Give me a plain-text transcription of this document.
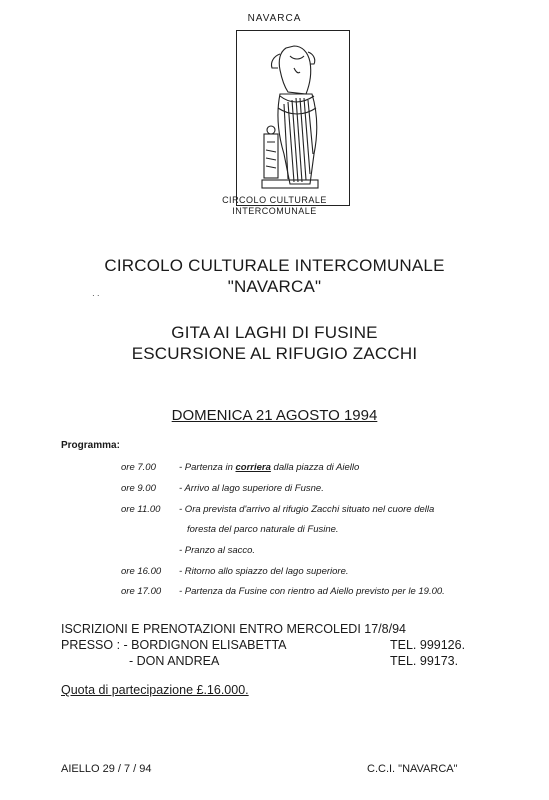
NAVARCA
CIRCOLO CULTURALE
INTERCOMUNALE
CIRCOLO CULTURALE INTERCOMUNALE
"NAVARCA"
· ·
GITA AI LAGHI DI FUSINE
ESCURSIONE AL RIFUGIO ZACCHI
DOMENICA 21 AGOSTO 1994
Programma:
ore 7.00 - Partenza in corriera dalla piazza di Aiello
ore 9.00 - Arrivo al lago superiore di Fusne.
ore 11.00 - Ora prevista d'arrivo al rifugio Zacchi situato nel cuore della
foresta del parco naturale di Fusine.
- Pranzo al sacco.
ore 16.00 - Ritorno allo spiazzo del lago superiore.
ore 17.00 - Partenza da Fusine con rientro ad Aiello previsto per le 19.00.
ISCRIZIONI E PRENOTAZIONI ENTRO MERCOLEDI 17/8/94
PRESSO : - BORDIGNON ELISABETTA	TEL. 999126.
- DON ANDREA	TEL. 99173.
Quota di partecipazione £.16.000.
AIELLO 29 / 7 / 94	C.C.I. "NAVARCA"
